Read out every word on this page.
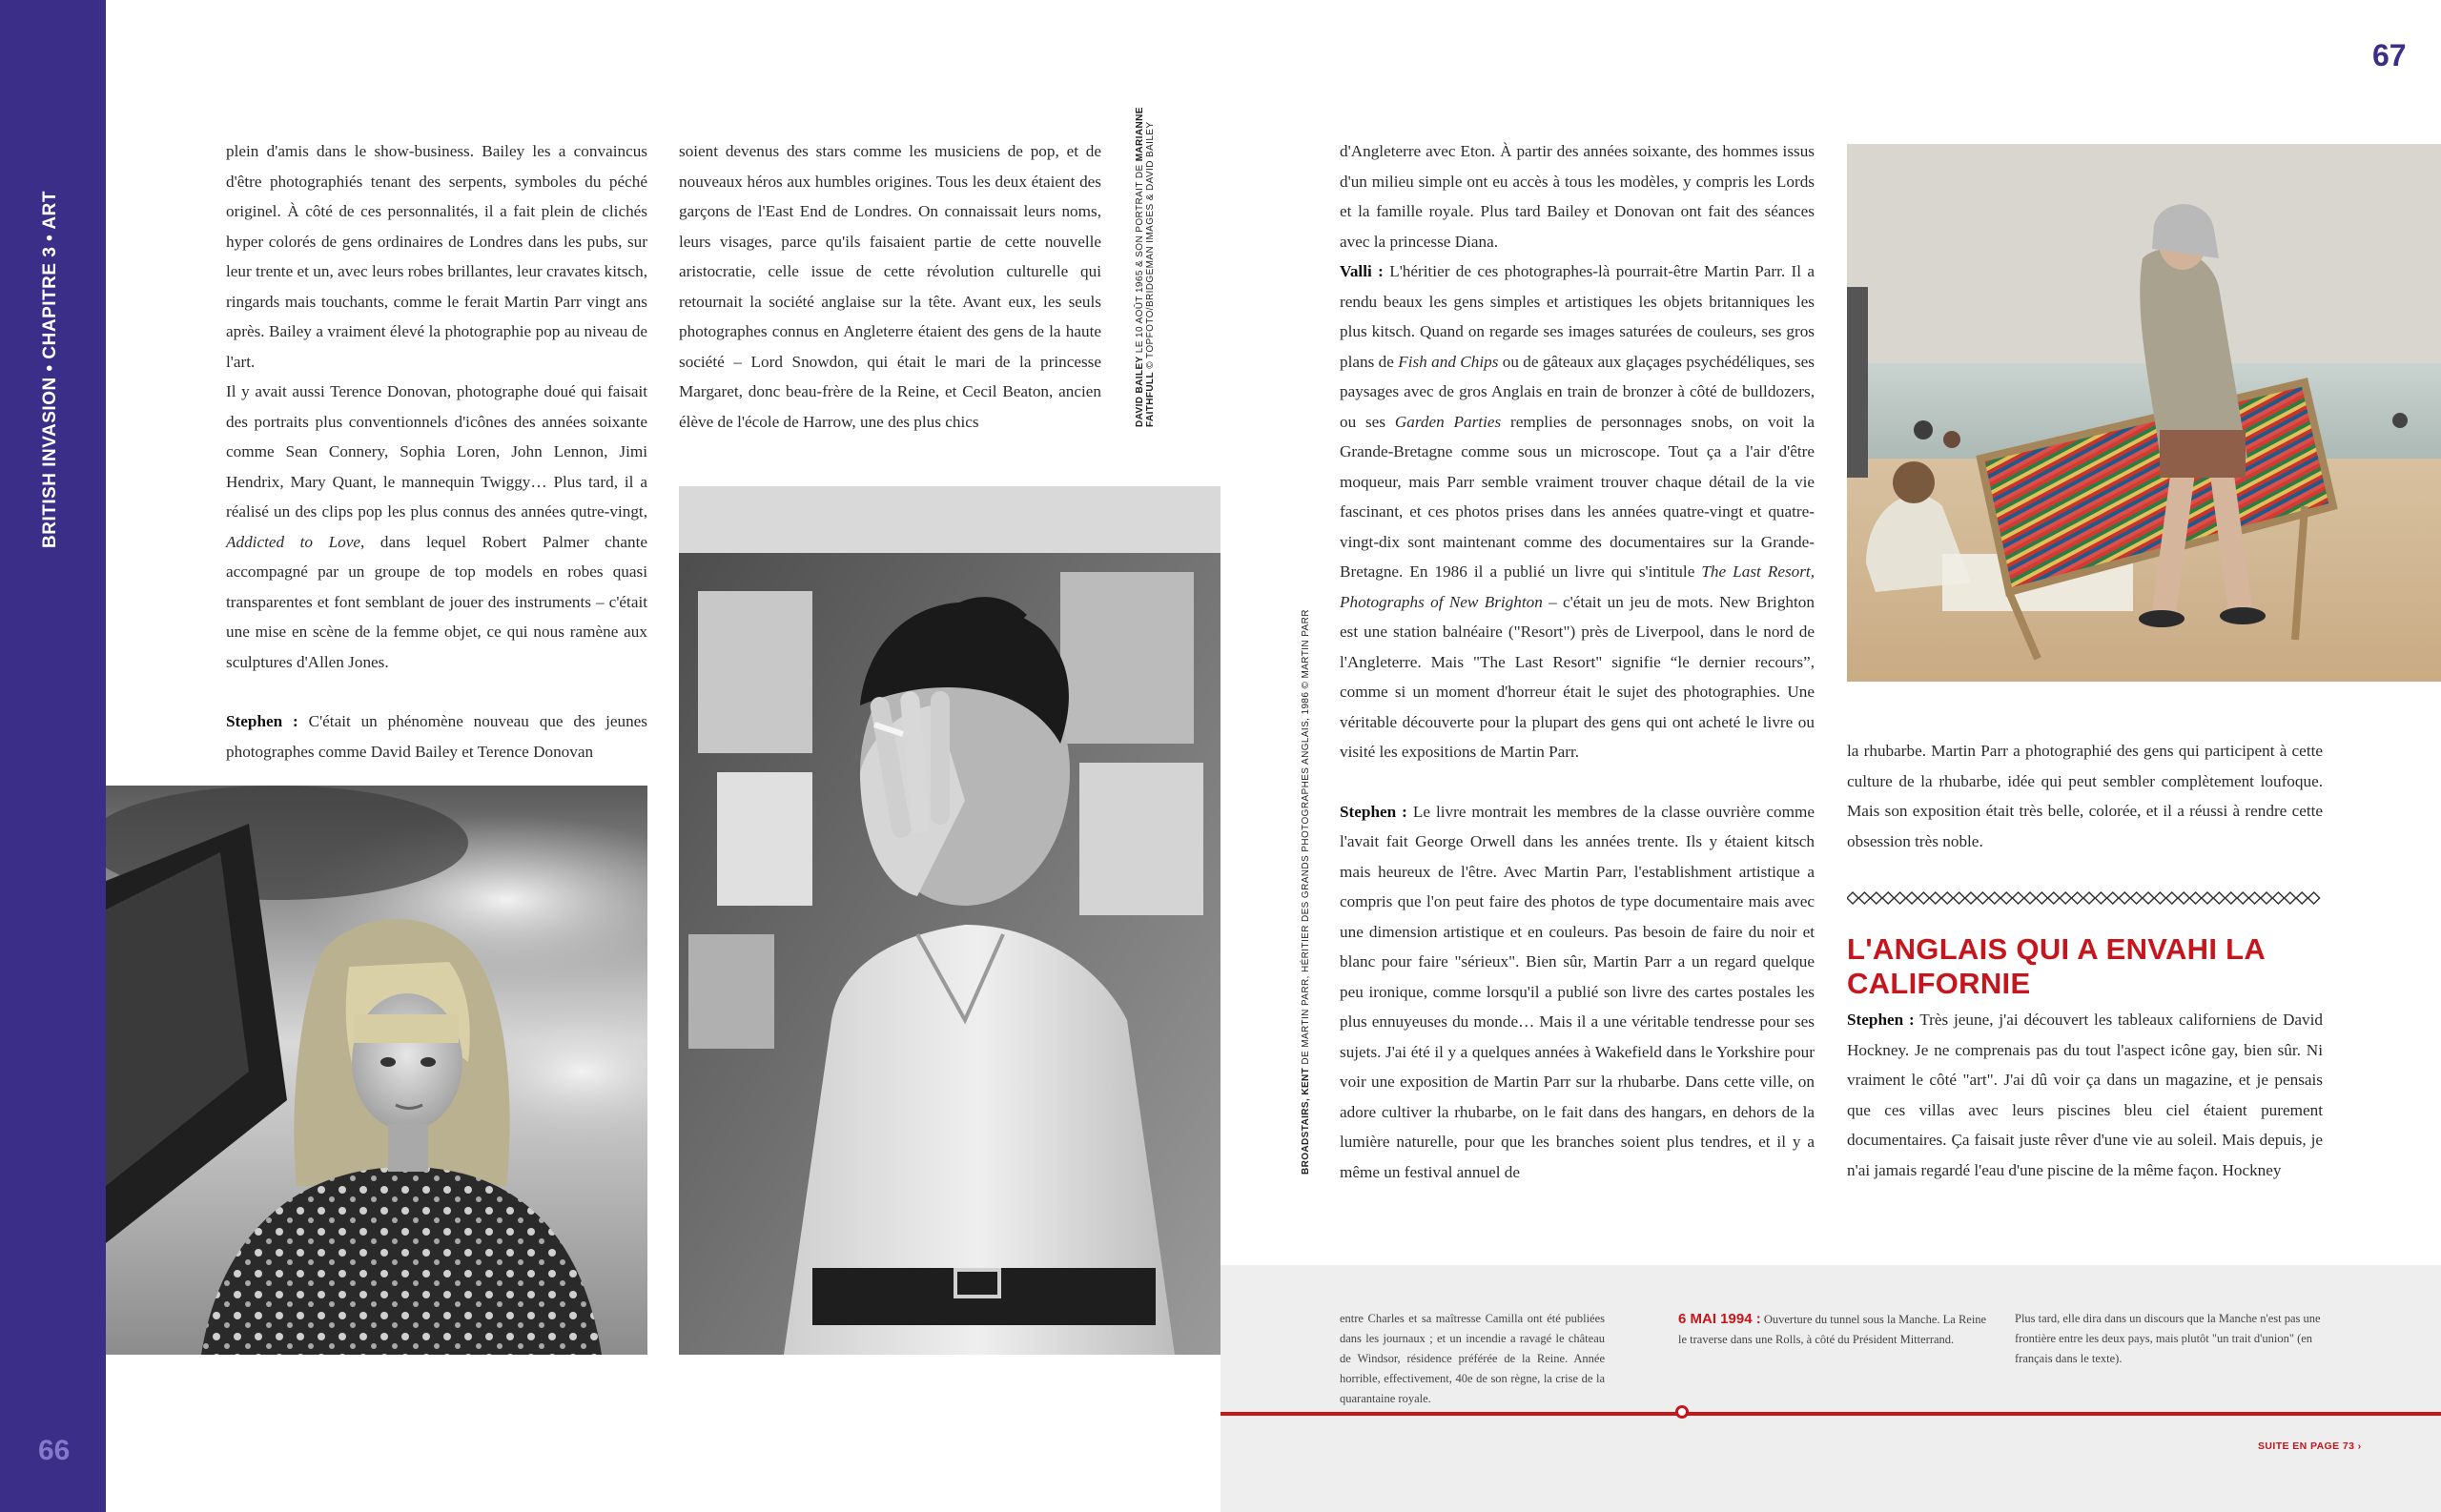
BRITISH INVASION • CHAPITRE 3 • ART
66
67

plein d'amis dans le show-business. Bailey les a convaincus d'être photographiés tenant des serpents, symboles du péché originel. À côté de ces personnalités, il a fait plein de clichés hyper colorés de gens ordinaires de Londres dans les pubs, sur leur trente et un, avec leurs robes brillantes, leur cravates kitsch, ringards mais touchants, comme le ferait Martin Parr vingt ans après. Bailey a vraiment élevé la photographie pop au niveau de l'art.

Il y avait aussi Terence Donovan, photographe doué qui faisait des portraits plus conventionnels d'icônes des années soixante comme Sean Connery, Sophia Loren, John Lennon, Jimi Hendrix, Mary Quant, le mannequin Twiggy… Plus tard, il a réalisé un des clips pop les plus connus des années qutre-vingt, Addicted to Love, dans lequel Robert Palmer chante accompagné par un groupe de top models en robes quasi transparentes et font semblant de jouer des instruments – c'était une mise en scène de la femme objet, ce qui nous ramène aux sculptures d'Allen Jones.

Stephen : C'était un phénomène nouveau que des jeunes photographes comme David Bailey et Terence Donovan

soient devenus des stars comme les musiciens de pop, et de nouveaux héros aux humbles origines. Tous les deux étaient des garçons de l'East End de Londres. On connaissait leurs noms, leurs visages, parce qu'ils faisaient partie de cette nouvelle aristocratie, celle issue de cette révolution culturelle qui retournait la société anglaise sur la tête. Avant eux, les seuls photographes connus en Angleterre étaient des gens de la haute société – Lord Snowdon, qui était le mari de la princesse Margaret, donc beau-frère de la Reine, et Cecil Beaton, ancien élève de l'école de Harrow, une des plus chics	DAVID BAILEY LE 10 AOÛT 1965 & SON PORTRAIT DE MARIANNE
FAITHFULL © TOPFOTO/BRIDGEMAN IMAGES & DAVID BAILEY
BROADSTAIRS, KENT DE MARTIN PARR, HÉRITIER DES GRANDS PHOTOGRAPHES ANGLAIS, 1986 © MARTIN PARR

d'Angleterre avec Eton. À partir des années soixante, des hommes issus d'un milieu simple ont eu accès à tous les modèles, y compris les Lords et la famille royale. Plus tard Bailey et Donovan ont fait des séances avec la princesse Diana.

Valli : L'héritier de ces photographes-là pourrait-être Martin Parr. Il a rendu beaux les gens simples et artistiques les objets britanniques les plus kitsch. Quand on regarde ses images saturées de couleurs, ses gros plans de Fish and Chips ou de gâteaux aux glaçages psychédéliques, ses paysages avec de gros Anglais en train de bronzer à côté de bulldozers, ou ses Garden Parties remplies de personnages snobs, on voit la Grande-Bretagne comme sous un microscope. Tout ça a l'air d'être moqueur, mais Parr semble vraiment trouver chaque détail de la vie fascinant, et ces photos prises dans les années quatre-vingt et quatre-vingt-dix sont maintenant comme des documentaires sur la Grande-Bretagne. En 1986 il a publié un livre qui s'intitule The Last Resort, Photographs of New Brighton – c'était un jeu de mots. New Brighton est une station balnéaire ("Resort") près de Liverpool, dans le nord de l'Angleterre. Mais "The Last Resort" signifie “le dernier recours”, comme si un moment d'horreur était le sujet des photographies. Une véritable découverte pour la plupart des gens qui ont acheté le livre ou visité les expositions de Martin Parr.

Stephen : Le livre montrait les membres de la classe ouvrière comme l'avait fait George Orwell dans les années trente. Ils y étaient kitsch mais heureux de l'être. Avec Martin Parr, l'establishment artistique a compris que l'on peut faire des photos de type documentaire mais avec une dimension artistique et en couleurs. Pas besoin de faire du noir et blanc pour faire "sérieux". Bien sûr, Martin Parr a un regard quelque peu ironique, comme lorsqu'il a publié son livre des cartes postales les plus ennuyeuses du monde… Mais il a une véritable tendresse pour ses sujets. J'ai été il y a quelques années à Wakefield dans le Yorkshire pour voir une exposition de Martin Parr sur la rhubarbe. Dans cette ville, on adore cultiver la rhubarbe, on le fait dans des hangars, en dehors de la lumière naturelle, pour que les branches soient plus tendres, et il y a même un festival annuel de

la rhubarbe. Martin Parr a photographié des gens qui participent à cette culture de la rhubarbe, idée qui peut sembler complètement loufoque. Mais son exposition était très belle, colorée, et il a réussi à rendre cette obsession très noble.

L'ANGLAIS QUI A ENVAHI LA CALIFORNIE

Stephen : Très jeune, j'ai découvert les tableaux californiens de David Hockney. Je ne comprenais pas du tout l'aspect icône gay, bien sûr. Ni vraiment le côté "art". J'ai dû voir ça dans un magazine, et je pensais que ces villas avec leurs piscines bleu ciel étaient purement documentaires. Ça faisait juste rêver d'une vie au soleil. Mais depuis, je n'ai jamais regardé l'eau d'une piscine de la même façon. Hockney

entre Charles et sa maîtresse Camilla ont été publiées dans les journaux ; et un incendie a ravagé le château de Windsor, résidence préférée de la Reine. Année horrible, effectivement, 40e de son règne, la crise de la quarantaine royale.
6 MAI 1994 : Ouverture du tunnel sous la Manche. La Reine le traverse dans une Rolls, à côté du Président Mitterrand.
Plus tard, elle dira dans un discours que la Manche n'est pas une frontière entre les deux pays, mais plutôt "un trait d'union" (en français dans le texte).
SUITE EN PAGE 73 ›
